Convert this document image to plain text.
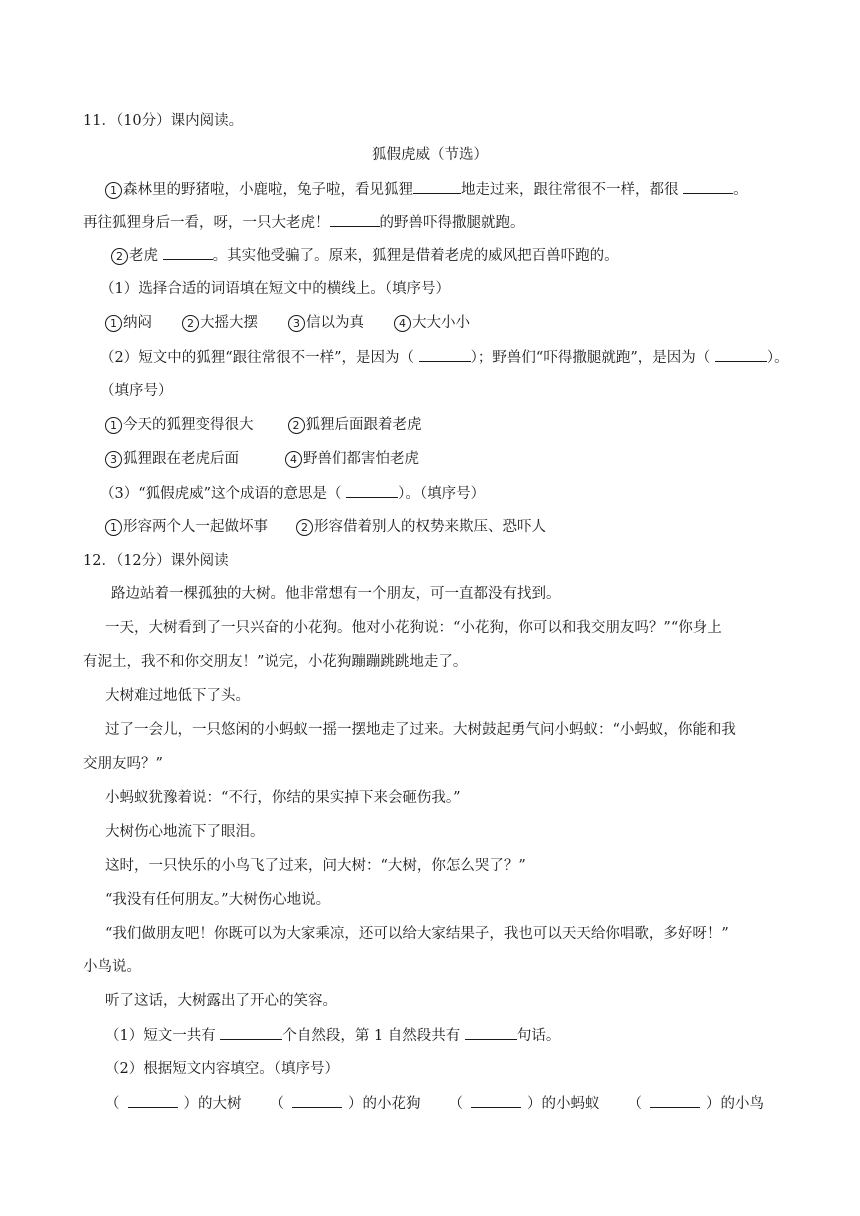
11．（10分）课内阅读。
狐假虎威（节选）
1 森林里的野猪啦，小鹿啦，兔子啦，看见狐狸	地走过来，跟往常很不一样，都很	。
再往狐狸身后一看，呀，一只大老虎！	的野兽吓得撒腿就跑。
2 老虎	。其实他受骗了。原来，狐狸是借着老虎的威风把百兽吓跑的。
（1）选择合适的词语填在短文中的横线上。（填序号）
1 纳闷	2 大摇大摆	3 信以为真	4 大大小小
（2）短文中的狐狸“跟往常很不一样”，是因为（	）；野兽们“吓得撒腿就跑”，是因为（	）。
（填序号）
1 今天的狐狸变得很大	2 狐狸后面跟着老虎
3 狐狸跟在老虎后面	4 野兽们都害怕老虎
（3）“狐假虎威”这个成语的意思是（	）。（填序号）
1 形容两个人一起做坏事	2 形容借着别人的权势来欺压、恐吓人
12．（12分）课外阅读
路边站着一棵孤独的大树。他非常想有一个朋友，可一直都没有找到。
一天，大树看到了一只兴奋的小花狗。他对小花狗说：“小花狗，你可以和我交朋友吗？”“你身上
有泥土，我不和你交朋友！”说完，小花狗蹦蹦跳跳地走了。
大树难过地低下了头。
过了一会儿，一只悠闲的小蚂蚁一摇一摆地走了过来。大树鼓起勇气问小蚂蚁：“小蚂蚁，你能和我
交朋友吗？”
小蚂蚁犹豫着说：“不行，你结的果实掉下来会砸伤我。”
大树伤心地流下了眼泪。
这时，一只快乐的小鸟飞了过来，问大树：“大树，你怎么哭了？”
“我没有任何朋友。”大树伤心地说。
“我们做朋友吧！你既可以为大家乘凉，还可以给大家结果子，我也可以天天给你唱歌，多好呀！”
小鸟说。
听了这话，大树露出了开心的笑容。
（1）短文一共有	个自然段，第 1 自然段共有	句话。
（2）根据短文内容填空。（填序号）
（	）的大树 （	）的小花狗 （	）的小蚂蚁 （	）的小鸟
